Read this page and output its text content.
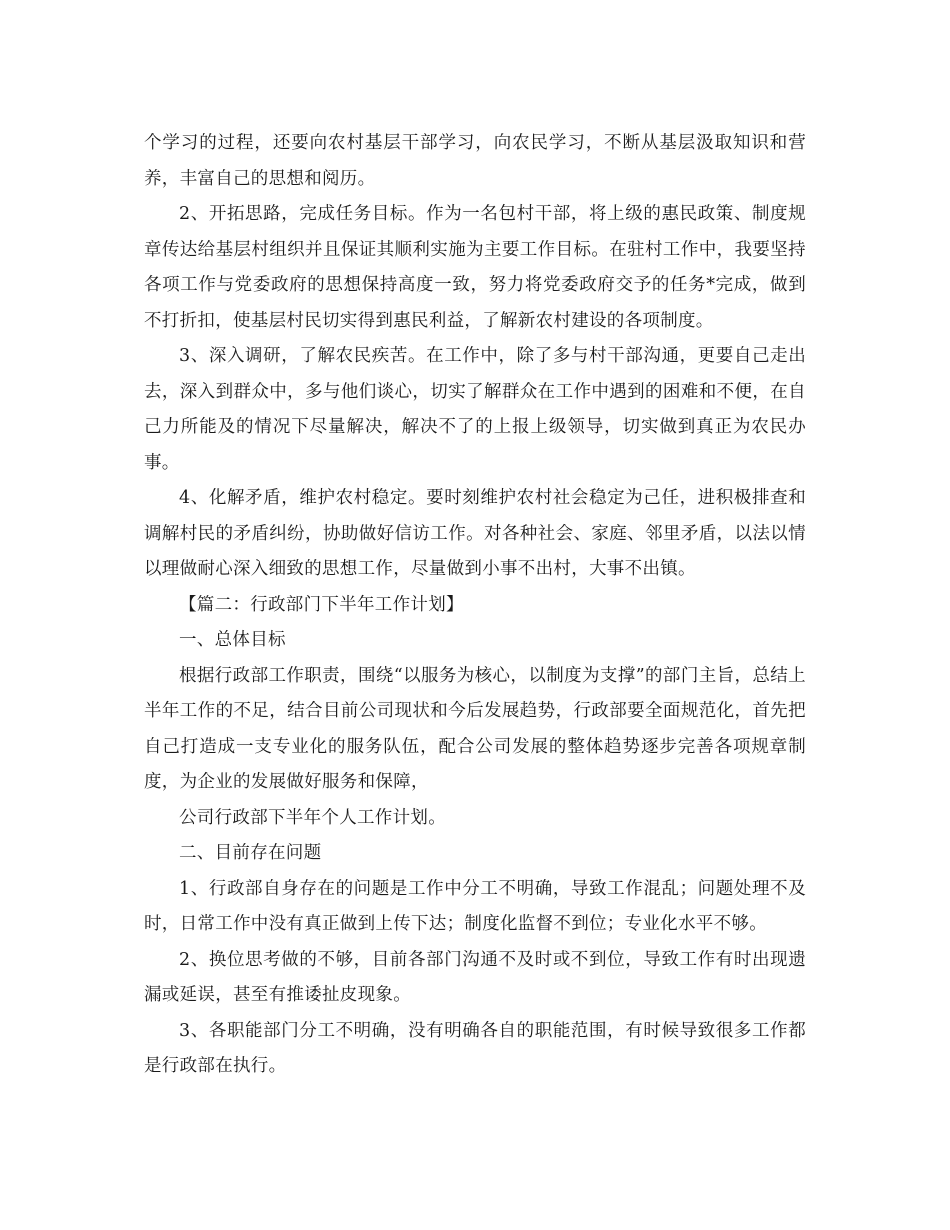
个学习的过程，还要向农村基层干部学习，向农民学习，不断从基层汲取知识和营养，丰富自己的思想和阅历。

2、开拓思路，完成任务目标。作为一名包村干部，将上级的惠民政策、制度规章传达给基层村组织并且保证其顺利实施为主要工作目标。在驻村工作中，我要坚持各项工作与党委政府的思想保持高度一致，努力将党委政府交予的任务*完成，做到不打折扣，使基层村民切实得到惠民利益，了解新农村建设的各项制度。

3、深入调研，了解农民疾苦。在工作中，除了多与村干部沟通，更要自己走出去，深入到群众中，多与他们谈心，切实了解群众在工作中遇到的困难和不便，在自己力所能及的情况下尽量解决，解决不了的上报上级领导，切实做到真正为农民办事。

4、化解矛盾，维护农村稳定。要时刻维护农村社会稳定为己任，进积极排查和调解村民的矛盾纠纷，协助做好信访工作。对各种社会、家庭、邻里矛盾，以法以情以理做耐心深入细致的思想工作，尽量做到小事不出村，大事不出镇。

【篇二：行政部门下半年工作计划】

一、总体目标

根据行政部工作职责，围绕“以服务为核心，以制度为支撑”的部门主旨，总结上半年工作的不足，结合目前公司现状和今后发展趋势，行政部要全面规范化，首先把自己打造成一支专业化的服务队伍，配合公司发展的整体趋势逐步完善各项规章制度，为企业的发展做好服务和保障，

公司行政部下半年个人工作计划。

二、目前存在问题

1、行政部自身存在的问题是工作中分工不明确，导致工作混乱；问题处理不及时，日常工作中没有真正做到上传下达；制度化监督不到位；专业化水平不够。

2、换位思考做的不够，目前各部门沟通不及时或不到位，导致工作有时出现遗漏或延误，甚至有推诿扯皮现象。

3、各职能部门分工不明确，没有明确各自的职能范围，有时候导致很多工作都是行政部在执行。
